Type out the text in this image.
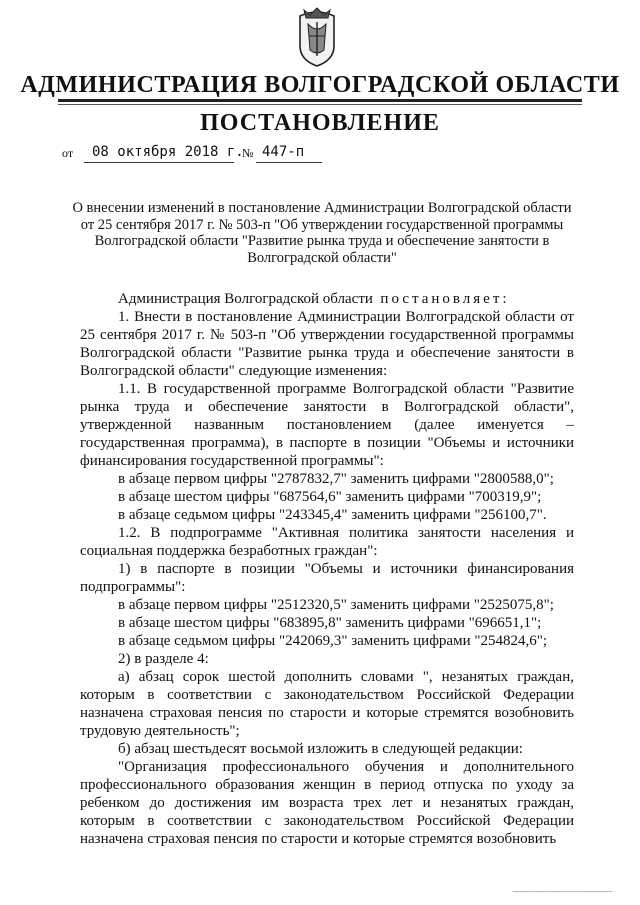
АДМИНИСТРАЦИЯ ВОЛГОГРАДСКОЙ ОБЛАСТИ
ПОСТАНОВЛЕНИЕ
от 08 октября 2018 г.
№ 447-п
О внесении изменений в постановление Администрации Волгоградской области от 25 сентября 2017 г. № 503-п "Об утверждении государственной программы Волгоградской области "Развитие рынка труда и обеспечение занятости в Волгоградской области"

Администрация Волгоградской области постановляет:

1. Внести в постановление Администрации Волгоградской области от 25 сентября 2017 г. № 503-п "Об утверждении государственной программы Волгоградской области "Развитие рынка труда и обеспечение занятости в Волгоградской области" следующие изменения:

1.1. В государственной программе Волгоградской области "Развитие рынка труда и обеспечение занятости в Волгоградской области", утвержденной названным постановлением (далее именуется – государственная программа), в паспорте в позиции "Объемы и источники финансирования государственной программы":

в абзаце первом цифры "2787832,7" заменить цифрами "2800588,0";

в абзаце шестом цифры "687564,6" заменить цифрами "700319,9";

в абзаце седьмом цифры "243345,4" заменить цифрами "256100,7".

1.2. В подпрограмме "Активная политика занятости населения и социальная поддержка безработных граждан":

1) в паспорте в позиции "Объемы и источники финансирования подпрограммы":

в абзаце первом цифры "2512320,5" заменить цифрами "2525075,8";

в абзаце шестом цифры "683895,8" заменить цифрами "696651,1";

в абзаце седьмом цифры "242069,3" заменить цифрами "254824,6";

2) в разделе 4:

а) абзац сорок шестой дополнить словами ", незанятых граждан, которым в соответствии с законодательством Российской Федерации назначена страховая пенсия по старости и которые стремятся возобновить трудовую деятельность";

б) абзац шестьдесят восьмой изложить в следующей редакции:

"Организация профессионального обучения и дополнительного профессионального образования женщин в период отпуска по уходу за ребенком до достижения им возраста трех лет и незанятых граждан, которым в соответствии с законодательством Российской Федерации назначена страховая пенсия по старости и которые стремятся возобновить

──────────────────────────────
